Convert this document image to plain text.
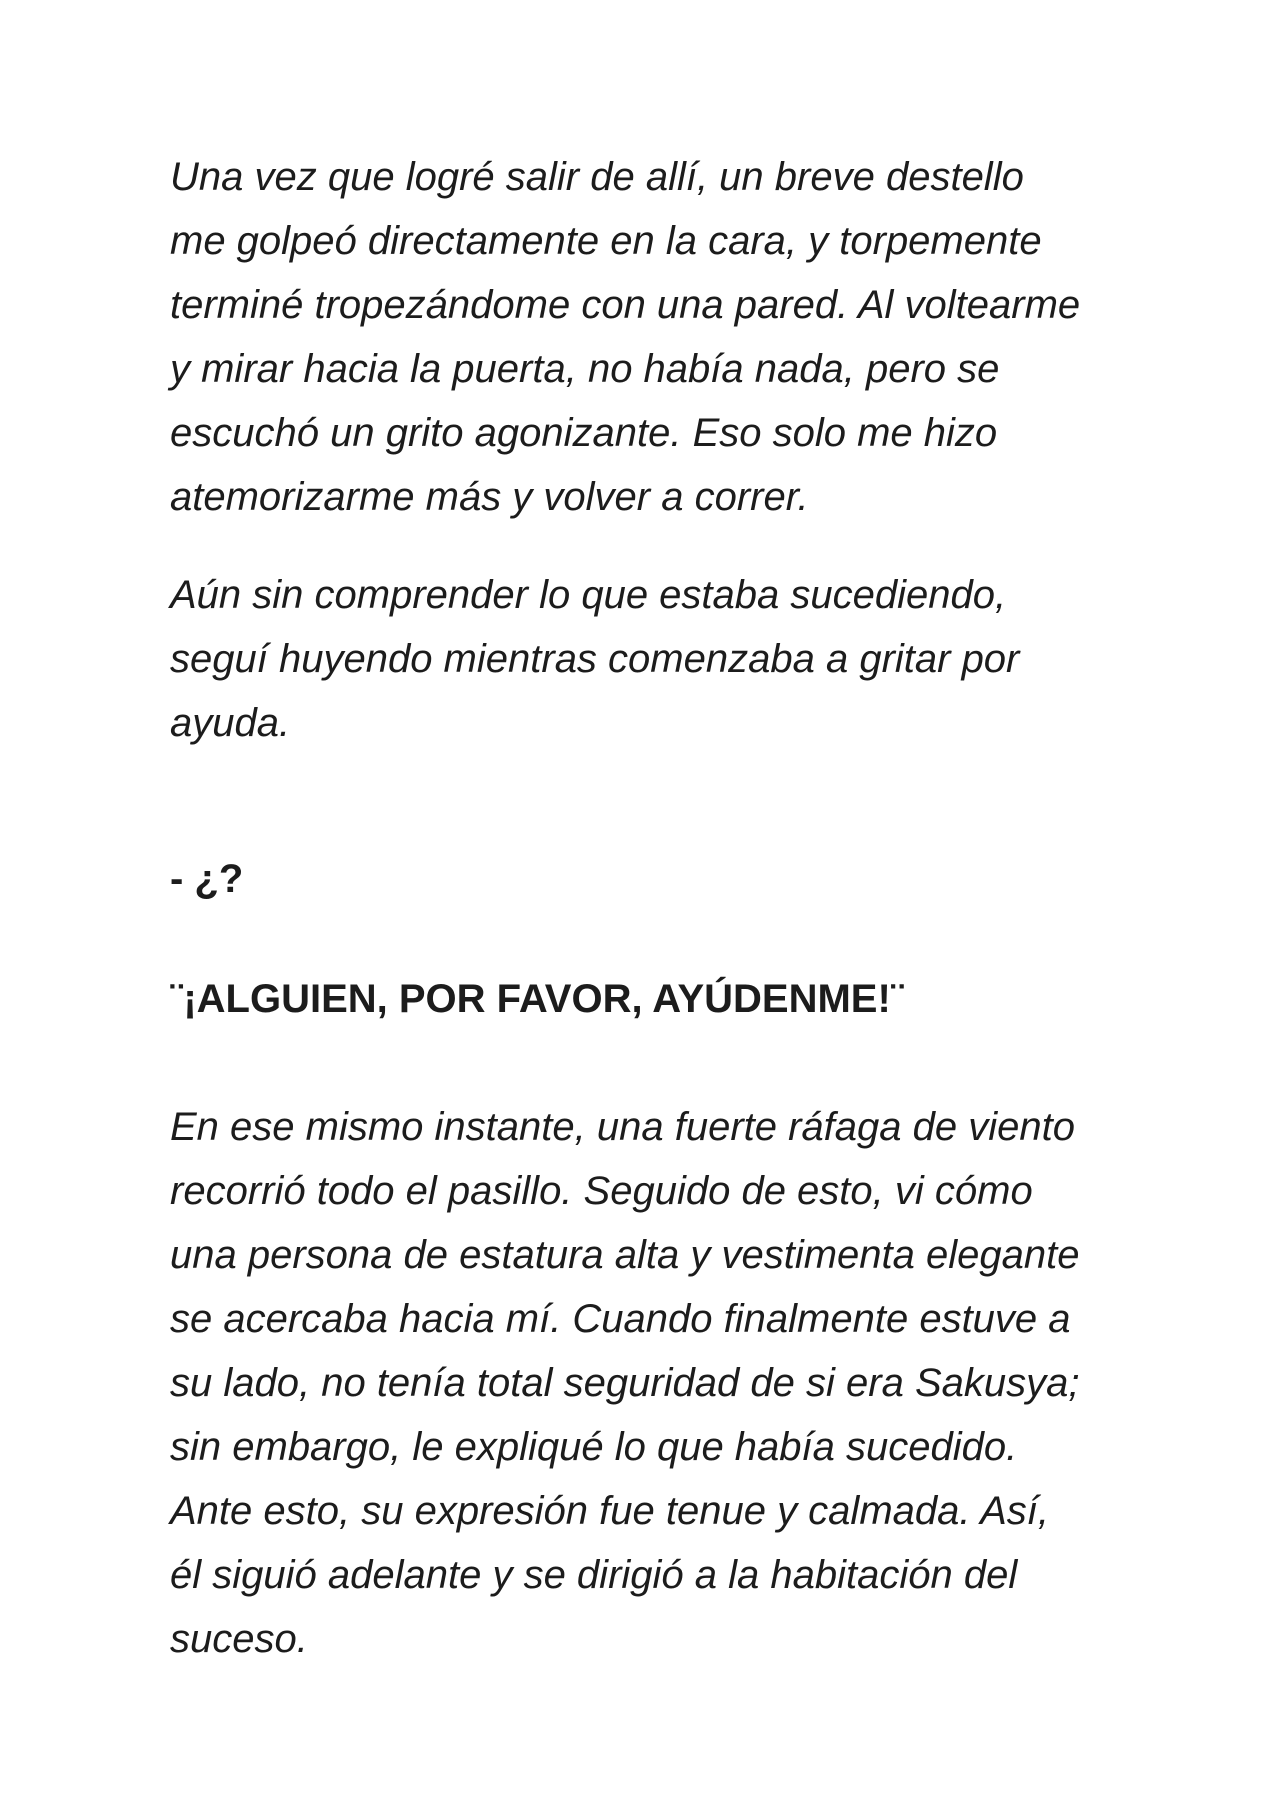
Una vez que logré salir de allí, un breve destello
me golpeó directamente en la cara, y torpemente
terminé tropezándome con una pared. Al voltearme
y mirar hacia la puerta, no había nada, pero se
escuchó un grito agonizante. Eso solo me hizo
atemorizarme más y volver a correr.

Aún sin comprender lo que estaba sucediendo,
seguí huyendo mientras comenzaba a gritar por
ayuda.

- ¿?

¨¡ALGUIEN, POR FAVOR, AYÚDENME!¨

En ese mismo instante, una fuerte ráfaga de viento
recorrió todo el pasillo. Seguido de esto, vi cómo
una persona de estatura alta y vestimenta elegante
se acercaba hacia mí. Cuando finalmente estuve a
su lado, no tenía total seguridad de si era Sakusya;
sin embargo, le expliqué lo que había sucedido.
Ante esto, su expresión fue tenue y calmada. Así,
él siguió adelante y se dirigió a la habitación del
suceso.
